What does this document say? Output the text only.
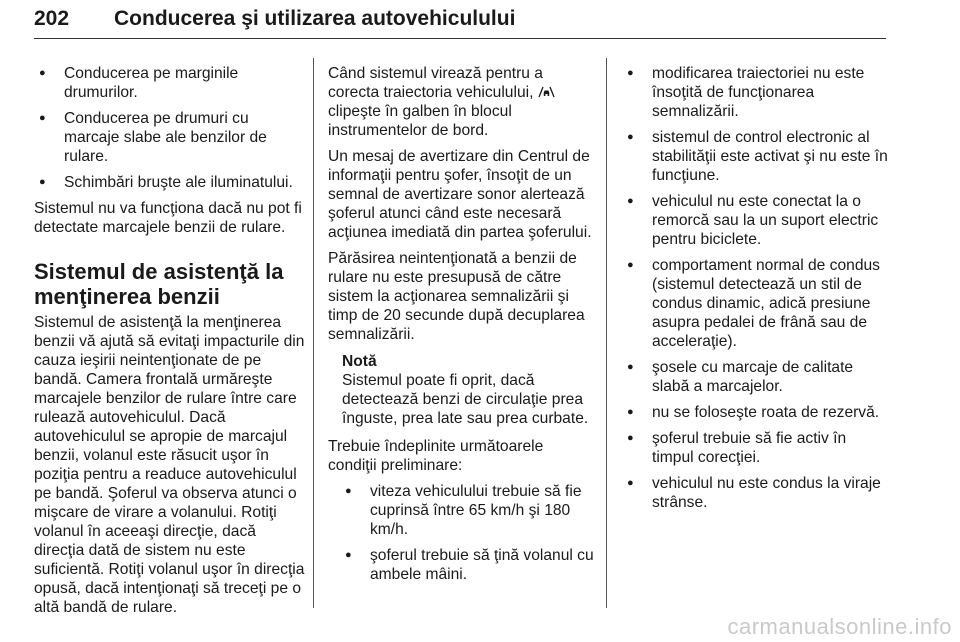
202 Conducerea şi utilizarea autovehiculului
● Conducerea pe marginile drumurilor.
● Conducerea pe drumuri cu marcaje slabe ale benzilor de rulare.
● Schimbări bruşte ale iluminatului.

Sistemul nu va funcţiona dacă nu pot fi detectate marcajele benzii de rulare.

Sistemul de asistenţă la menţinerea benzii

Sistemul de asistenţă la menţinerea benzii vă ajută să evitaţi impacturile din cauza ieşirii neintenţionate de pe bandă. Camera frontală urmăreşte marcajele benzilor de rulare între care rulează autovehiculul. Dacă autovehiculul se apropie de marcajul benzii, volanul este răsucit uşor în poziţia pentru a readuce autovehiculul pe bandă. Şoferul va observa atunci o mişcare de virare a volanului. Rotiţi volanul în aceeaşi direcţie, dacă direcţia dată de sistem nu este suficientă. Rotiţi volanul uşor în direcţia opusă, dacă intenţionaţi să treceţi pe o altă bandă de rulare.

Când sistemul virează pentru a corecta traiectoria vehiculului,  clipeşte în galben în blocul instrumentelor de bord.

Un mesaj de avertizare din Centrul de informaţii pentru şofer, însoţit de un semnal de avertizare sonor alertează şoferul atunci când este necesară acţiunea imediată din partea şoferului.

Părăsirea neintenţionată a benzii de rulare nu este presupusă de către sistem la acţionarea semnalizării şi timp de 20 secunde după decuplarea semnalizării.

Notă
Sistemul poate fi oprit, dacă detectează benzi de circulaţie prea înguste, prea late sau prea curbate.

Trebuie îndeplinite următoarele condiţii preliminare:

● viteza vehiculului trebuie să fie cuprinsă între 65 km/h şi 180 km/h.
● şoferul trebuie să ţină volanul cu ambele mâini.
● modificarea traiectoriei nu este însoţită de funcţionarea semnalizării.
● sistemul de control electronic al stabilităţii este activat şi nu este în funcţiune.
● vehiculul nu este conectat la o remorcă sau la un suport electric pentru biciclete.
● comportament normal de condus (sistemul detectează un stil de condus dinamic, adică presiune asupra pedalei de frână sau de acceleraţie).
● şosele cu marcaje de calitate slabă a marcajelor.
● nu se foloseşte roata de rezervă.
● şoferul trebuie să fie activ în timpul corecţiei.
● vehiculul nu este condus la viraje strânse.
carmanualsonline.info
